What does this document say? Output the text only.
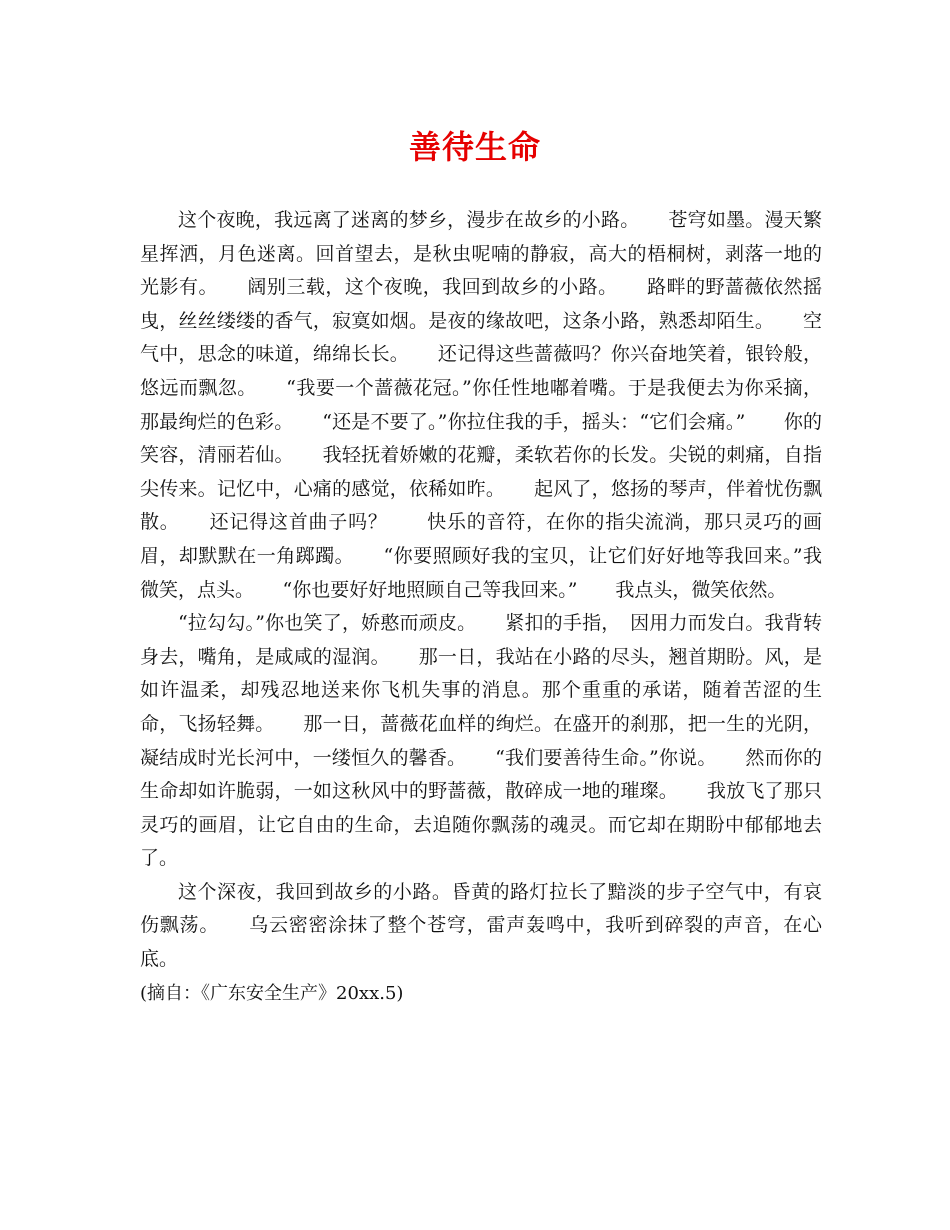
善待生命

这个夜晚，我远离了迷离的梦乡，漫步在故乡的小路。　　苍穹如墨。漫天繁星挥洒，月色迷离。回首望去，是秋虫呢喃的静寂，高大的梧桐树，剥落一地的光影有。　　阔别三载，这个夜晚，我回到故乡的小路。　　路畔的野蔷薇依然摇曳，丝丝缕缕的香气，寂寞如烟。是夜的缘故吧，这条小路，熟悉却陌生。　　空气中，思念的味道，绵绵长长。　　还记得这些蔷薇吗？你兴奋地笑着，银铃般，悠远而飘忽。　　“我要一个蔷薇花冠。”你任性地嘟着嘴。于是我便去为你采摘，那最绚烂的色彩。　　“还是不要了。”你拉住我的手，摇头：“它们会痛。”　　你的笑容，清丽若仙。　　我轻抚着娇嫩的花瓣，柔软若你的长发。尖锐的刺痛，自指尖传来。记忆中，心痛的感觉，依稀如昨。　　起风了，悠扬的琴声，伴着忧伤飘散。　　还记得这首曲子吗？　　快乐的音符，在你的指尖流淌，那只灵巧的画眉，却默默在一角踯躅。　　“你要照顾好我的宝贝，让它们好好地等我回来。”我微笑，点头。　　“你也要好好地照顾自己等我回来。”　　我点头，微笑依然。

“拉勾勾。”你也笑了，娇憨而顽皮。　　紧扣的手指，　因用力而发白。我背转身去，嘴角，是咸咸的湿润。　　那一日，我站在小路的尽头，翘首期盼。风，是如许温柔，却残忍地送来你飞机失事的消息。那个重重的承诺，随着苦涩的生命，飞扬轻舞。　　那一日，蔷薇花血样的绚烂。在盛开的刹那，把一生的光阴，凝结成时光长河中，一缕恒久的馨香。　　“我们要善待生命。”你说。　　然而你的生命却如许脆弱，一如这秋风中的野蔷薇，散碎成一地的璀璨。　　我放飞了那只灵巧的画眉，让它自由的生命，去追随你飘荡的魂灵。而它却在期盼中郁郁地去了。

这个深夜，我回到故乡的小路。昏黄的路灯拉长了黯淡的步子空气中，有哀伤飘荡。　　乌云密密涂抹了整个苍穹，雷声轰鸣中，我听到碎裂的声音，在心底。

(摘自：《广东安全生产》20xx.5)
